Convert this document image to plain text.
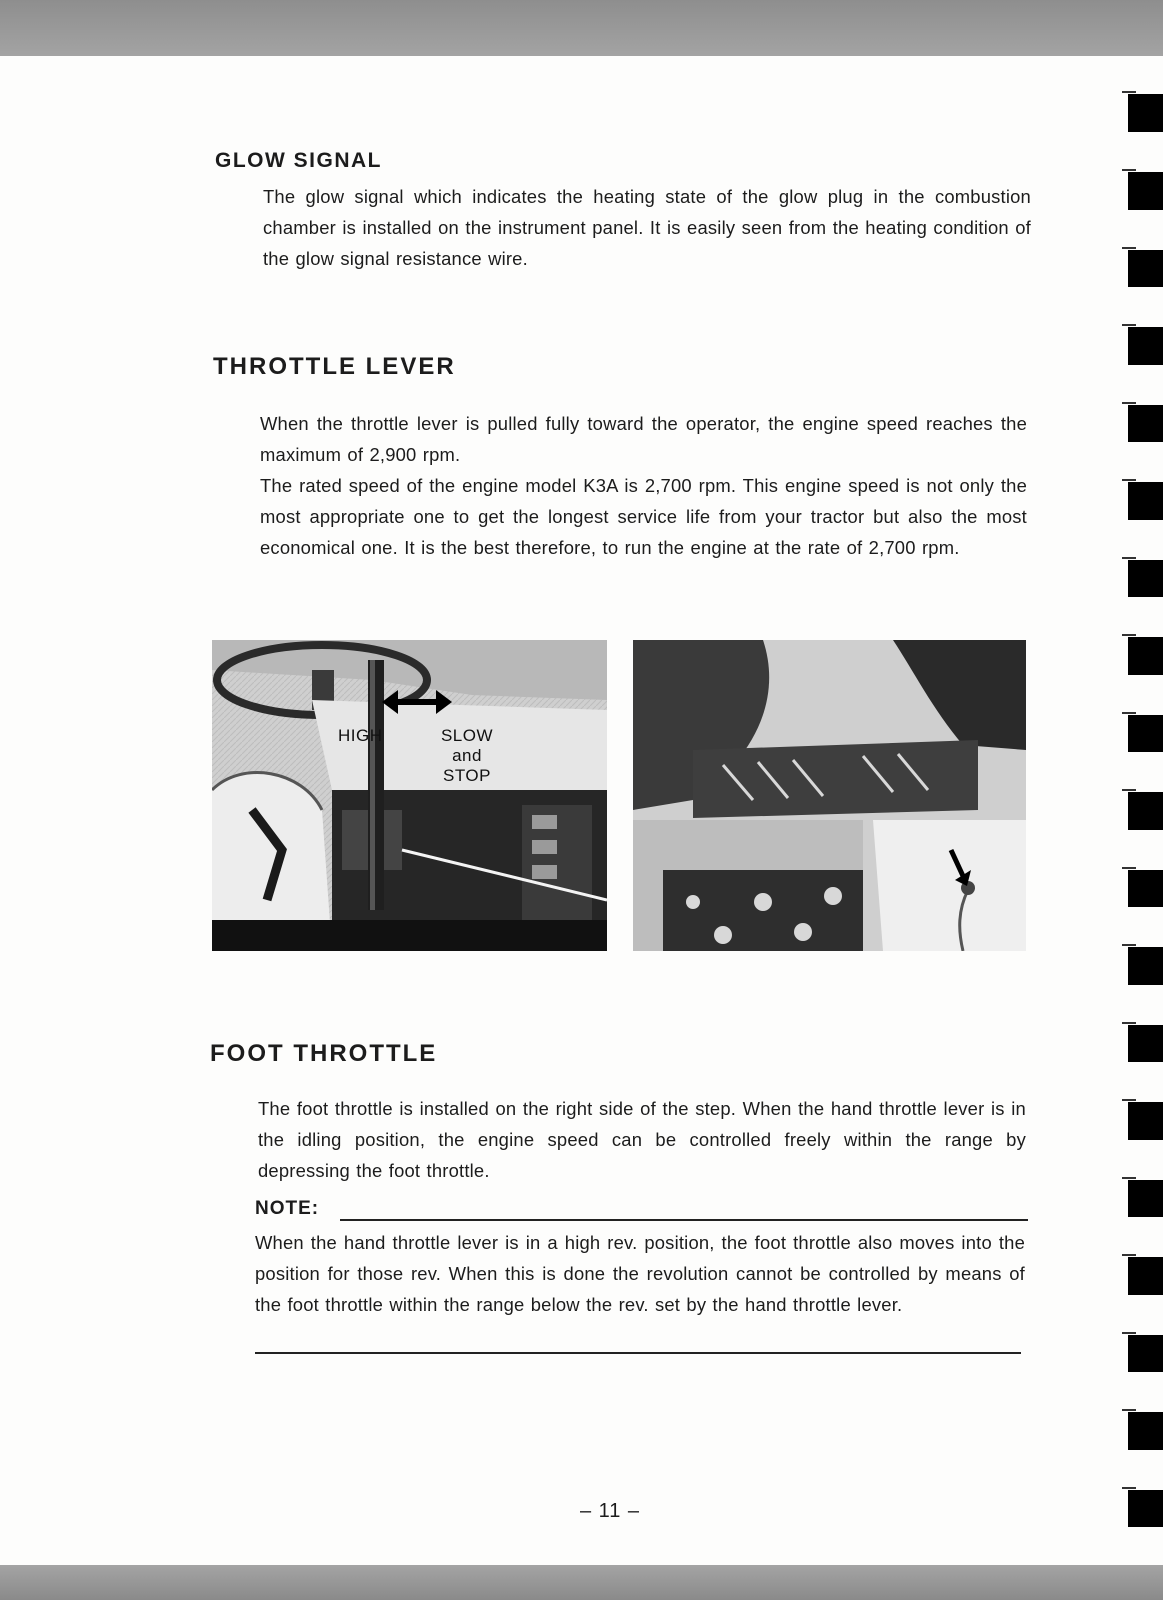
GLOW SIGNAL

The glow signal which indicates the heating state of the glow plug in the combustion chamber is installed on the instrument panel. It is easily seen from the heating condition of the glow signal resistance wire.

THROTTLE LEVER

When the throttle lever is pulled fully toward the operator, the engine speed reaches the maximum of 2,900 rpm.

The rated speed of the engine model K3A is 2,700 rpm. This engine speed is not only the most appropriate one to get the longest service life from your tractor but also the most economical one. It is the best therefore, to run the engine at the rate of 2,700 rpm.

HIGH	SLOW
and
STOP
FOOT THROTTLE

The foot throttle is installed on the right side of the step. When the hand throttle lever is in the idling position, the engine speed can be controlled freely within the range by depressing the foot throttle.

NOTE:

When the hand throttle lever is in a high rev. position, the foot throttle also moves into the position for those rev. When this is done the revolution cannot be controlled by means of the foot throttle within the range below the rev. set by the hand throttle lever.

– 11 –
